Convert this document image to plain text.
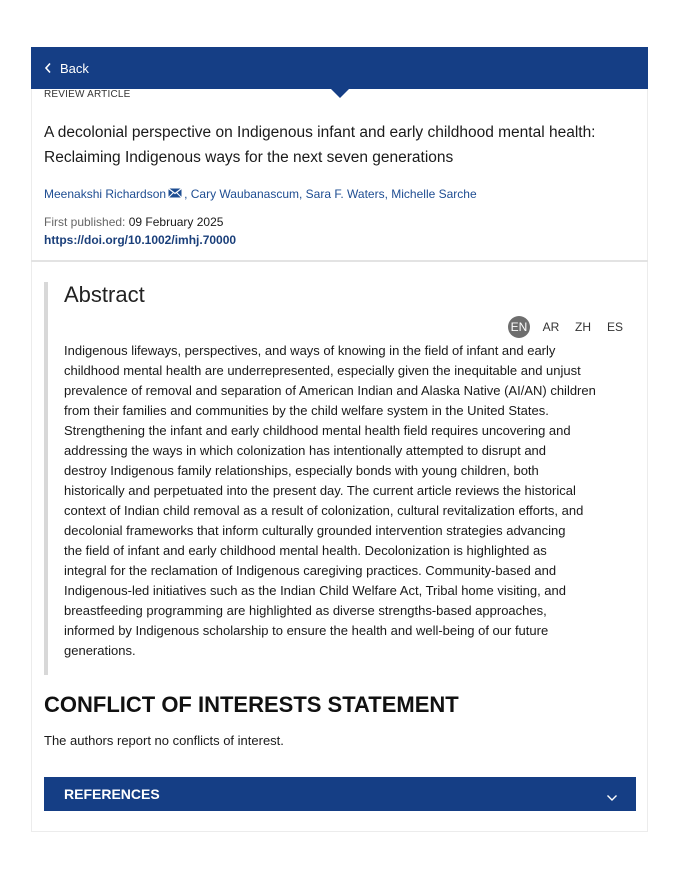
Back
REVIEW ARTICLE
A decolonial perspective on Indigenous infant and early childhood mental health:
Reclaiming Indigenous ways for the next seven generations
Meenakshi Richardson , Cary Waubanascum , Sara F. Waters , Michelle Sarche
First published: 09 February 2025
https://doi.org/10.1002/imhj.70000
Abstract
EN AR ZH ES
Indigenous lifeways, perspectives, and ways of knowing in the field of infant and early
childhood mental health are underrepresented, especially given the inequitable and unjust
prevalence of removal and separation of American Indian and Alaska Native (AI/AN) children
from their families and communities by the child welfare system in the United States.
Strengthening the infant and early childhood mental health field requires uncovering and
addressing the ways in which colonization has intentionally attempted to disrupt and
destroy Indigenous family relationships, especially bonds with young children, both
historically and perpetuated into the present day. The current article reviews the historical
context of Indian child removal as a result of colonization, cultural revitalization efforts, and
decolonial frameworks that inform culturally grounded intervention strategies advancing
the field of infant and early childhood mental health. Decolonization is highlighted as
integral for the reclamation of Indigenous caregiving practices. Community-based and
Indigenous-led initiatives such as the Indian Child Welfare Act, Tribal home visiting, and
breastfeeding programming are highlighted as diverse strengths-based approaches,
informed by Indigenous scholarship to ensure the health and well-being of our future
generations.
CONFLICT OF INTERESTS STATEMENT
The authors report no conflicts of interest.
REFERENCES
